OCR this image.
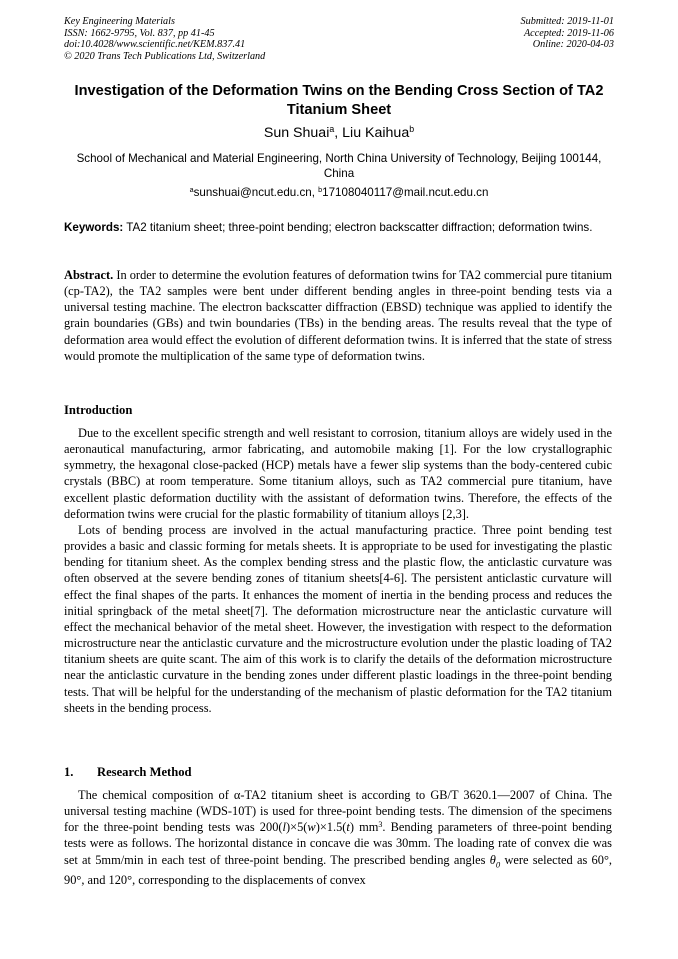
Key Engineering Materials
ISSN: 1662-9795, Vol. 837, pp 41-45
doi:10.4028/www.scientific.net/KEM.837.41
© 2020 Trans Tech Publications Ltd, Switzerland
Submitted: 2019-11-01
Accepted: 2019-11-06
Online: 2020-04-03
Investigation of the Deformation Twins on the Bending Cross Section of TA2 Titanium Sheet
Sun Shuai$^a$, Liu Kaihua$^b$
School of Mechanical and Material Engineering, North China University of Technology, Beijing 100144, China
$^a$sunshuai@ncut.edu.cn, $^b$17108040117@mail.ncut.edu.cn
Keywords: TA2 titanium sheet; three-point bending; electron backscatter diffraction; deformation twins.
Abstract. In order to determine the evolution features of deformation twins for TA2 commercial pure titanium (cp-TA2), the TA2 samples were bent under different bending angles in three-point bending tests via a universal testing machine. The electron backscatter diffraction (EBSD) technique was applied to identify the grain boundaries (GBs) and twin boundaries (TBs) in the bending areas. The results reveal that the type of deformation area would effect the evolution of different deformation twins. It is inferred that the state of stress would promote the multiplication of the same type of deformation twins.
Introduction

Due to the excellent specific strength and well resistant to corrosion, titanium alloys are widely used in the aeronautical manufacturing, armor fabricating, and automobile making [1]. For the low crystallographic symmetry, the hexagonal close-packed (HCP) metals have a fewer slip systems than the body-centered cubic crystals (BBC) at room temperature. Some titanium alloys, such as TA2 commercial pure titanium, have excellent plastic deformation ductility with the assistant of deformation twins. Therefore, the effects of the deformation twins were crucial for the plastic formability of titanium alloys [2,3].

Lots of bending process are involved in the actual manufacturing practice. Three point bending test provides a basic and classic forming for metals sheets. It is appropriate to be used for investigating the plastic bending for titanium sheet. As the complex bending stress and the plastic flow, the anticlastic curvature was often observed at the severe bending zones of titanium sheets[4-6]. The persistent anticlastic curvature will effect the final shapes of the parts. It enhances the moment of inertia in the bending process and reduces the initial springback of the metal sheet[7]. The deformation microstructure near the anticlastic curvature will effect the mechanical behavior of the metal sheet. However, the investigation with respect to the deformation microstructure near the anticlastic curvature and the microstructure evolution under the plastic loading of TA2 titanium sheets are quite scant. The aim of this work is to clarify the details of the deformation microstructure near the anticlastic curvature in the bending zones under different plastic loadings in the three-point bending tests. That will be helpful for the understanding of the mechanism of plastic deformation for the TA2 titanium sheets in the bending process.

1. Research Method

The chemical composition of α-TA2 titanium sheet is according to GB/T 3620.1—2007 of China. The universal testing machine (WDS-10T) is used for three-point bending tests. The dimension of the specimens for the three-point bending tests was 200(l)×5(w)×1.5(t) $mm^3$. Bending parameters of three-point bending tests were as follows. The horizontal distance in concave die was 30mm. The loading rate of convex die was set at 5mm/min in each test of three-point bending. The prescribed bending angles $\theta_0$ were selected as 60°, 90°, and 120°, corresponding to the displacements of convex
